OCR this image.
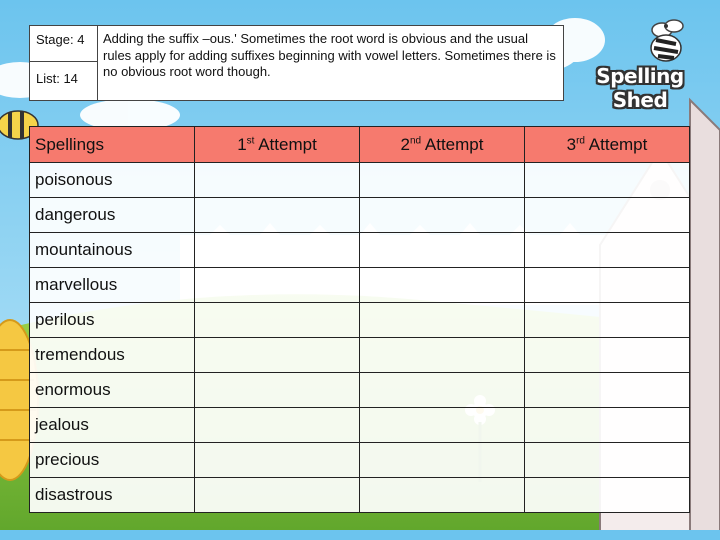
Stage: 4	Adding the suffix –ous.' Sometimes the root word is obvious and the usual rules apply for adding suffixes beginning with vowel letters. Sometimes there is no obvious root word though.
List: 14	Spelling Shed
Spellings	1st Attempt	2nd Attempt	3rd Attempt
poisonous			
dangerous			
mountainous			
marvellous			
perilous			
tremendous			
enormous			
jealous			
precious			
disastrous			
